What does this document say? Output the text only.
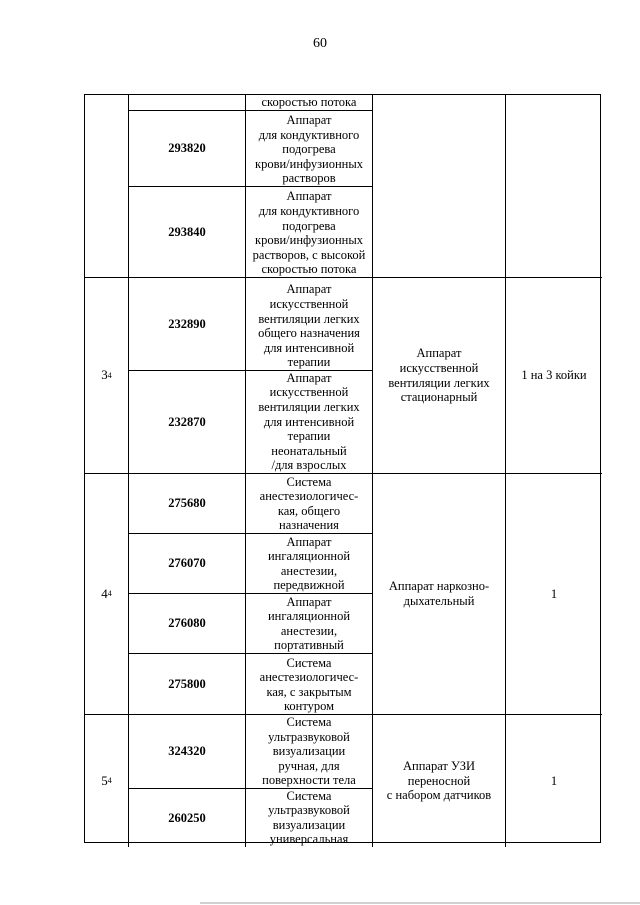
60
скоростью потока
293820
Аппарат
для кондуктивного
подогрева
крови/инфузионных
растворов
293840
Аппарат
для кондуктивного
подогрева
крови/инфузионных
растворов, с высокой
скоростью потока
3 4
232890
Аппарат
искусственной
вентиляции легких
общего назначения
для интенсивной
терапии
232870
Аппарат
искусственной
вентиляции легких
для интенсивной
терапии
неонатальный
/для взрослых
Аппарат
искусственной
вентиляции легких
стационарный
1 на 3 койки
4 4
275680
Система
анестезиологичес-
кая, общего
назначения
276070
Аппарат
ингаляционной
анестезии,
передвижной
276080
Аппарат
ингаляционной
анестезии,
портативный
275800
Система
анестезиологичес-
кая, с закрытым
контуром
Аппарат наркозно-
дыхательный
1
5 4
324320
Система
ультразвуковой
визуализации
ручная, для
поверхности тела
260250
Система
ультразвуковой
визуализации
универсальная
Аппарат УЗИ
переносной
с набором датчиков
1
